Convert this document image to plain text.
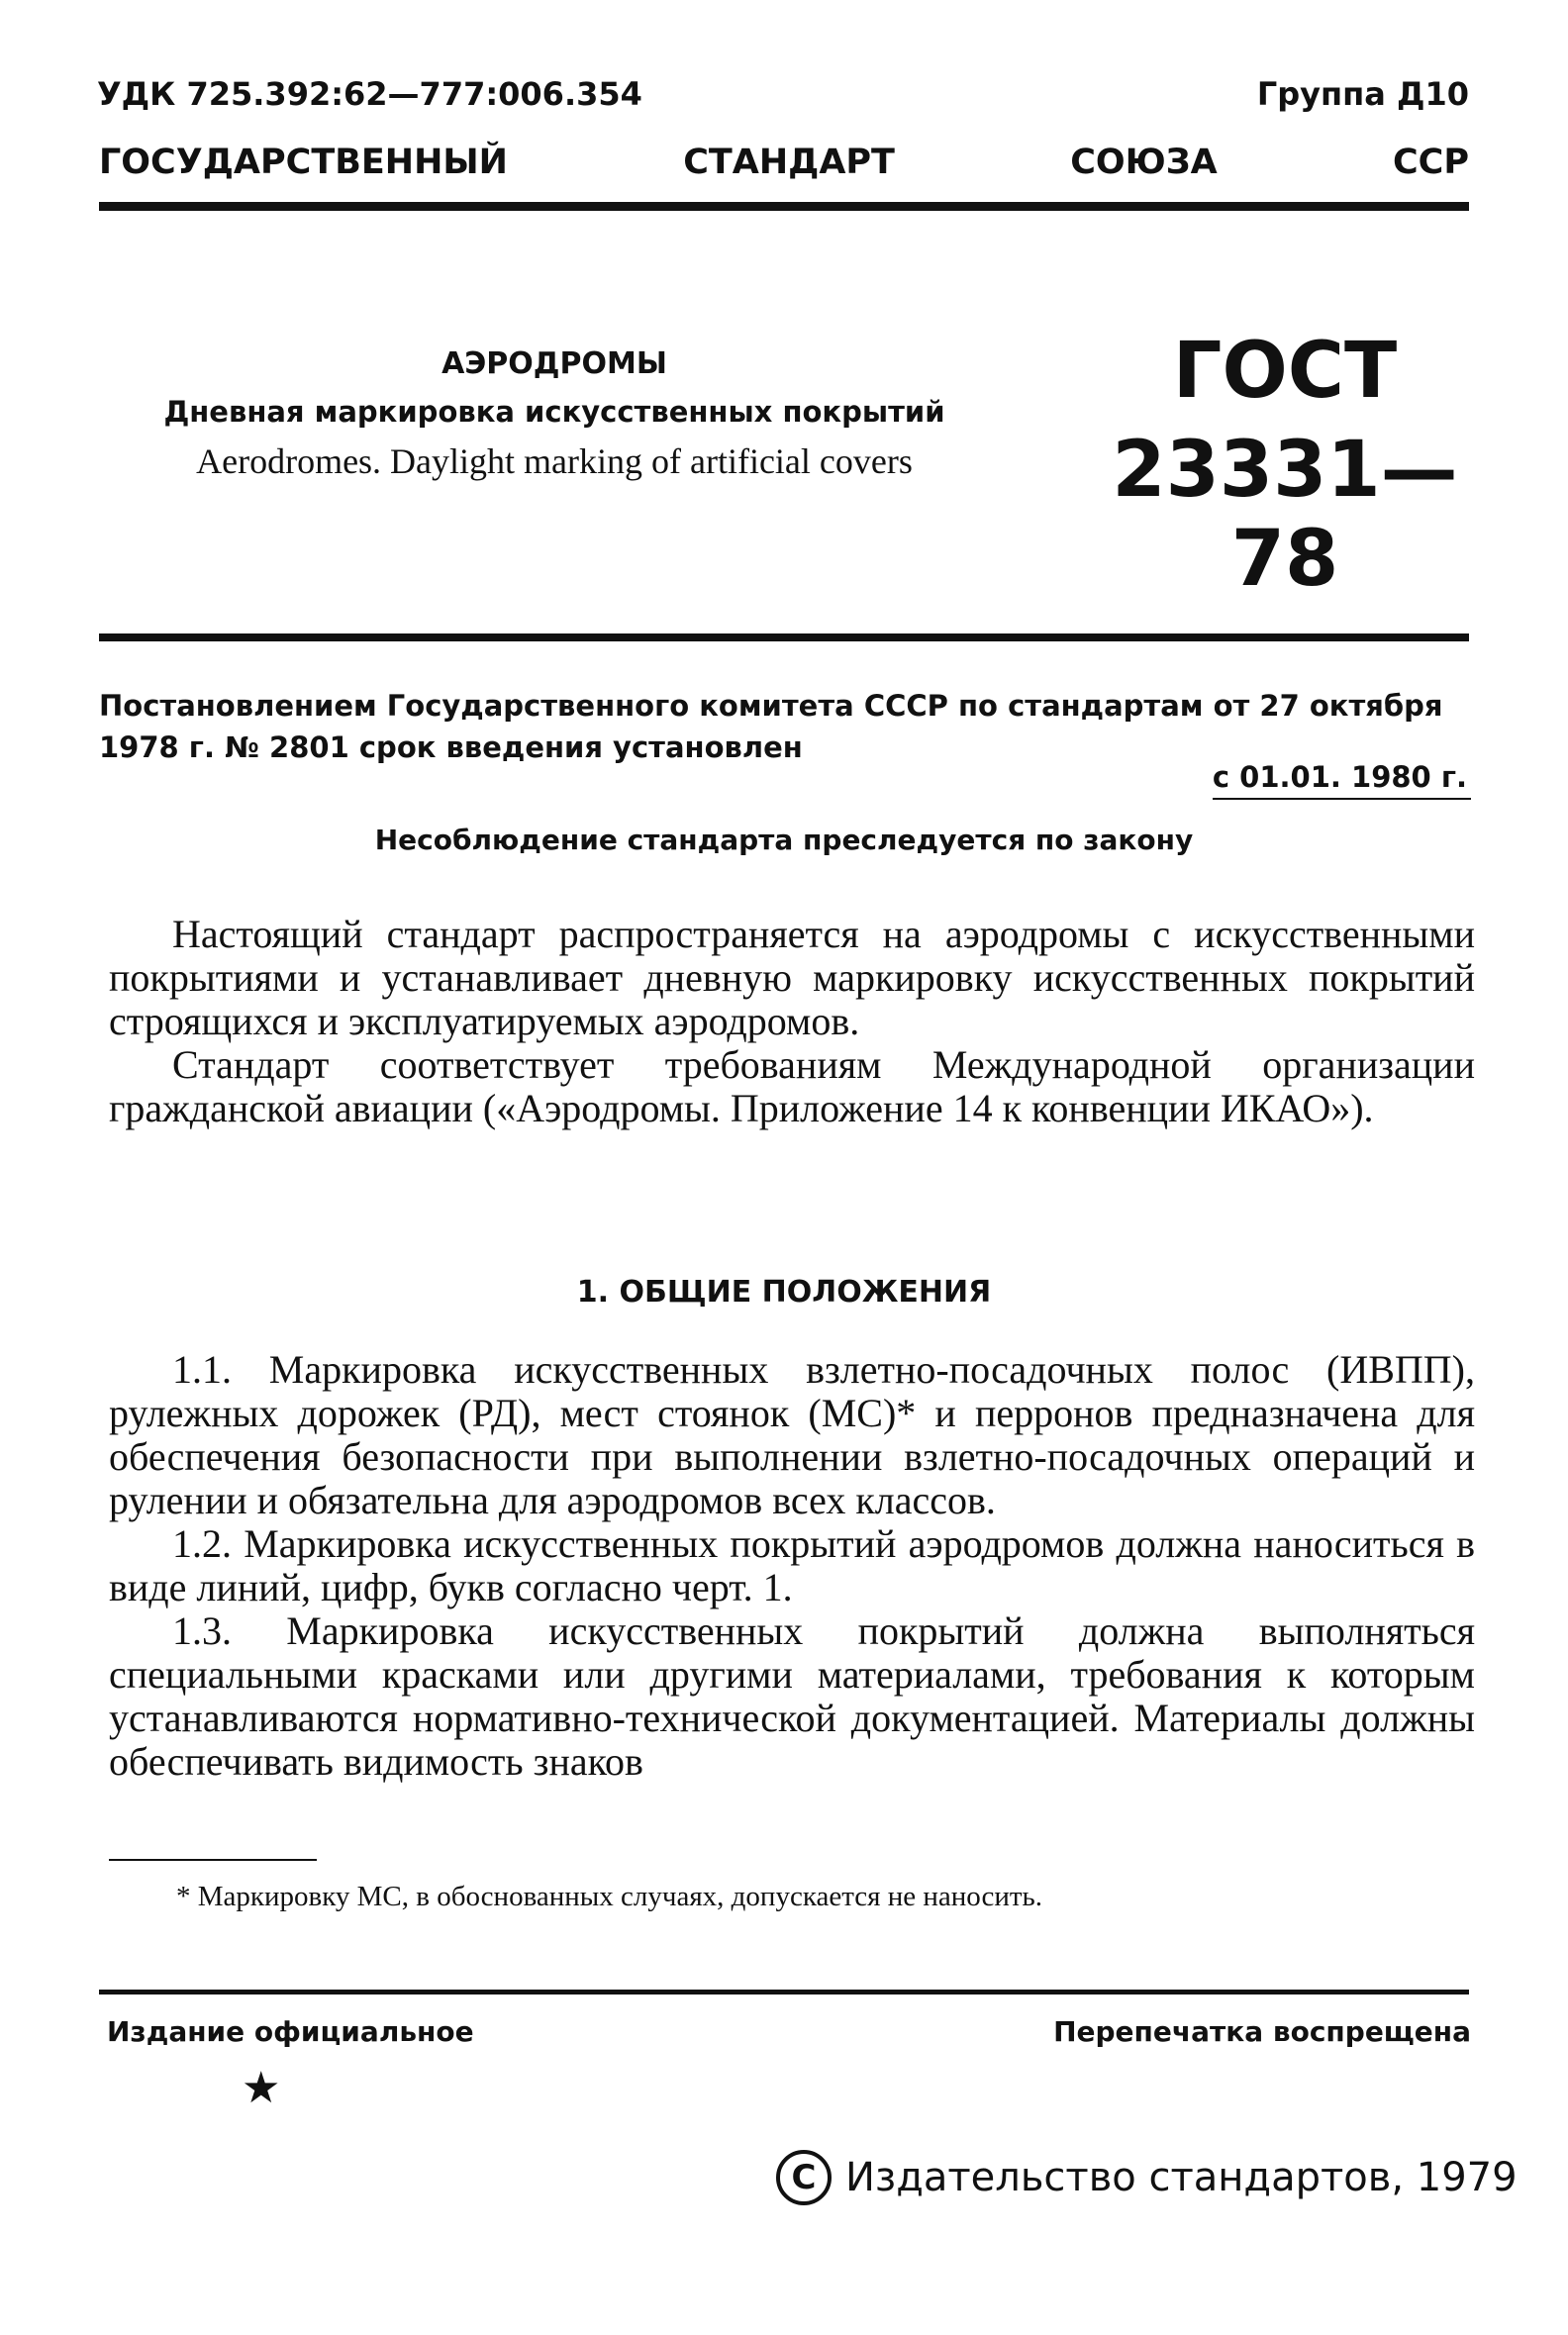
УДК 725.392:62—777:006.354	Группа Д10
ГОСУДАРСТВЕННЫЙ	СТАНДАРТ	СОЮЗА	ССР
АЭРОДРОМЫ
Дневная маркировка искусственных покрытий
Aerodromes. Daylight marking of artificial covers
ГОСТ
23331—78
Постановлением Государственного комитета СССР по стандартам от 27 октября 1978 г. № 2801 срок введения установлен
с 01.01. 1980 г.
Несоблюдение стандарта преследуется по закону

Настоящий стандарт распространяется на аэродромы с искусственными покрытиями и устанавливает дневную маркировку искусственных покрытий строящихся и эксплуатируемых аэродромов.

Стандарт соответствует требованиям Международной организации гражданской авиации («Аэродромы. Приложение 14 к конвенции ИКАО»).

1. ОБЩИЕ ПОЛОЖЕНИЯ

1.1. Маркировка искусственных взлетно-посадочных полос (ИВПП), рулежных дорожек (РД), мест стоянок (МС)* и перронов предназначена для обеспечения безопасности при выполнении взлетно-посадочных операций и рулении и обязательна для аэродромов всех классов.

1.2. Маркировка искусственных покрытий аэродромов должна наноситься в виде линий, цифр, букв согласно черт. 1.

1.3. Маркировка искусственных покрытий должна выполняться специальными красками или другими материалами, требования к которым устанавливаются нормативно-технической документацией. Материалы должны обеспечивать видимость знаков

* Маркировку МС, в обоснованных случаях, допускается не наносить.
Издание официальное	Перепечатка воспрещена
★
C Издательство стандартов, 1979
